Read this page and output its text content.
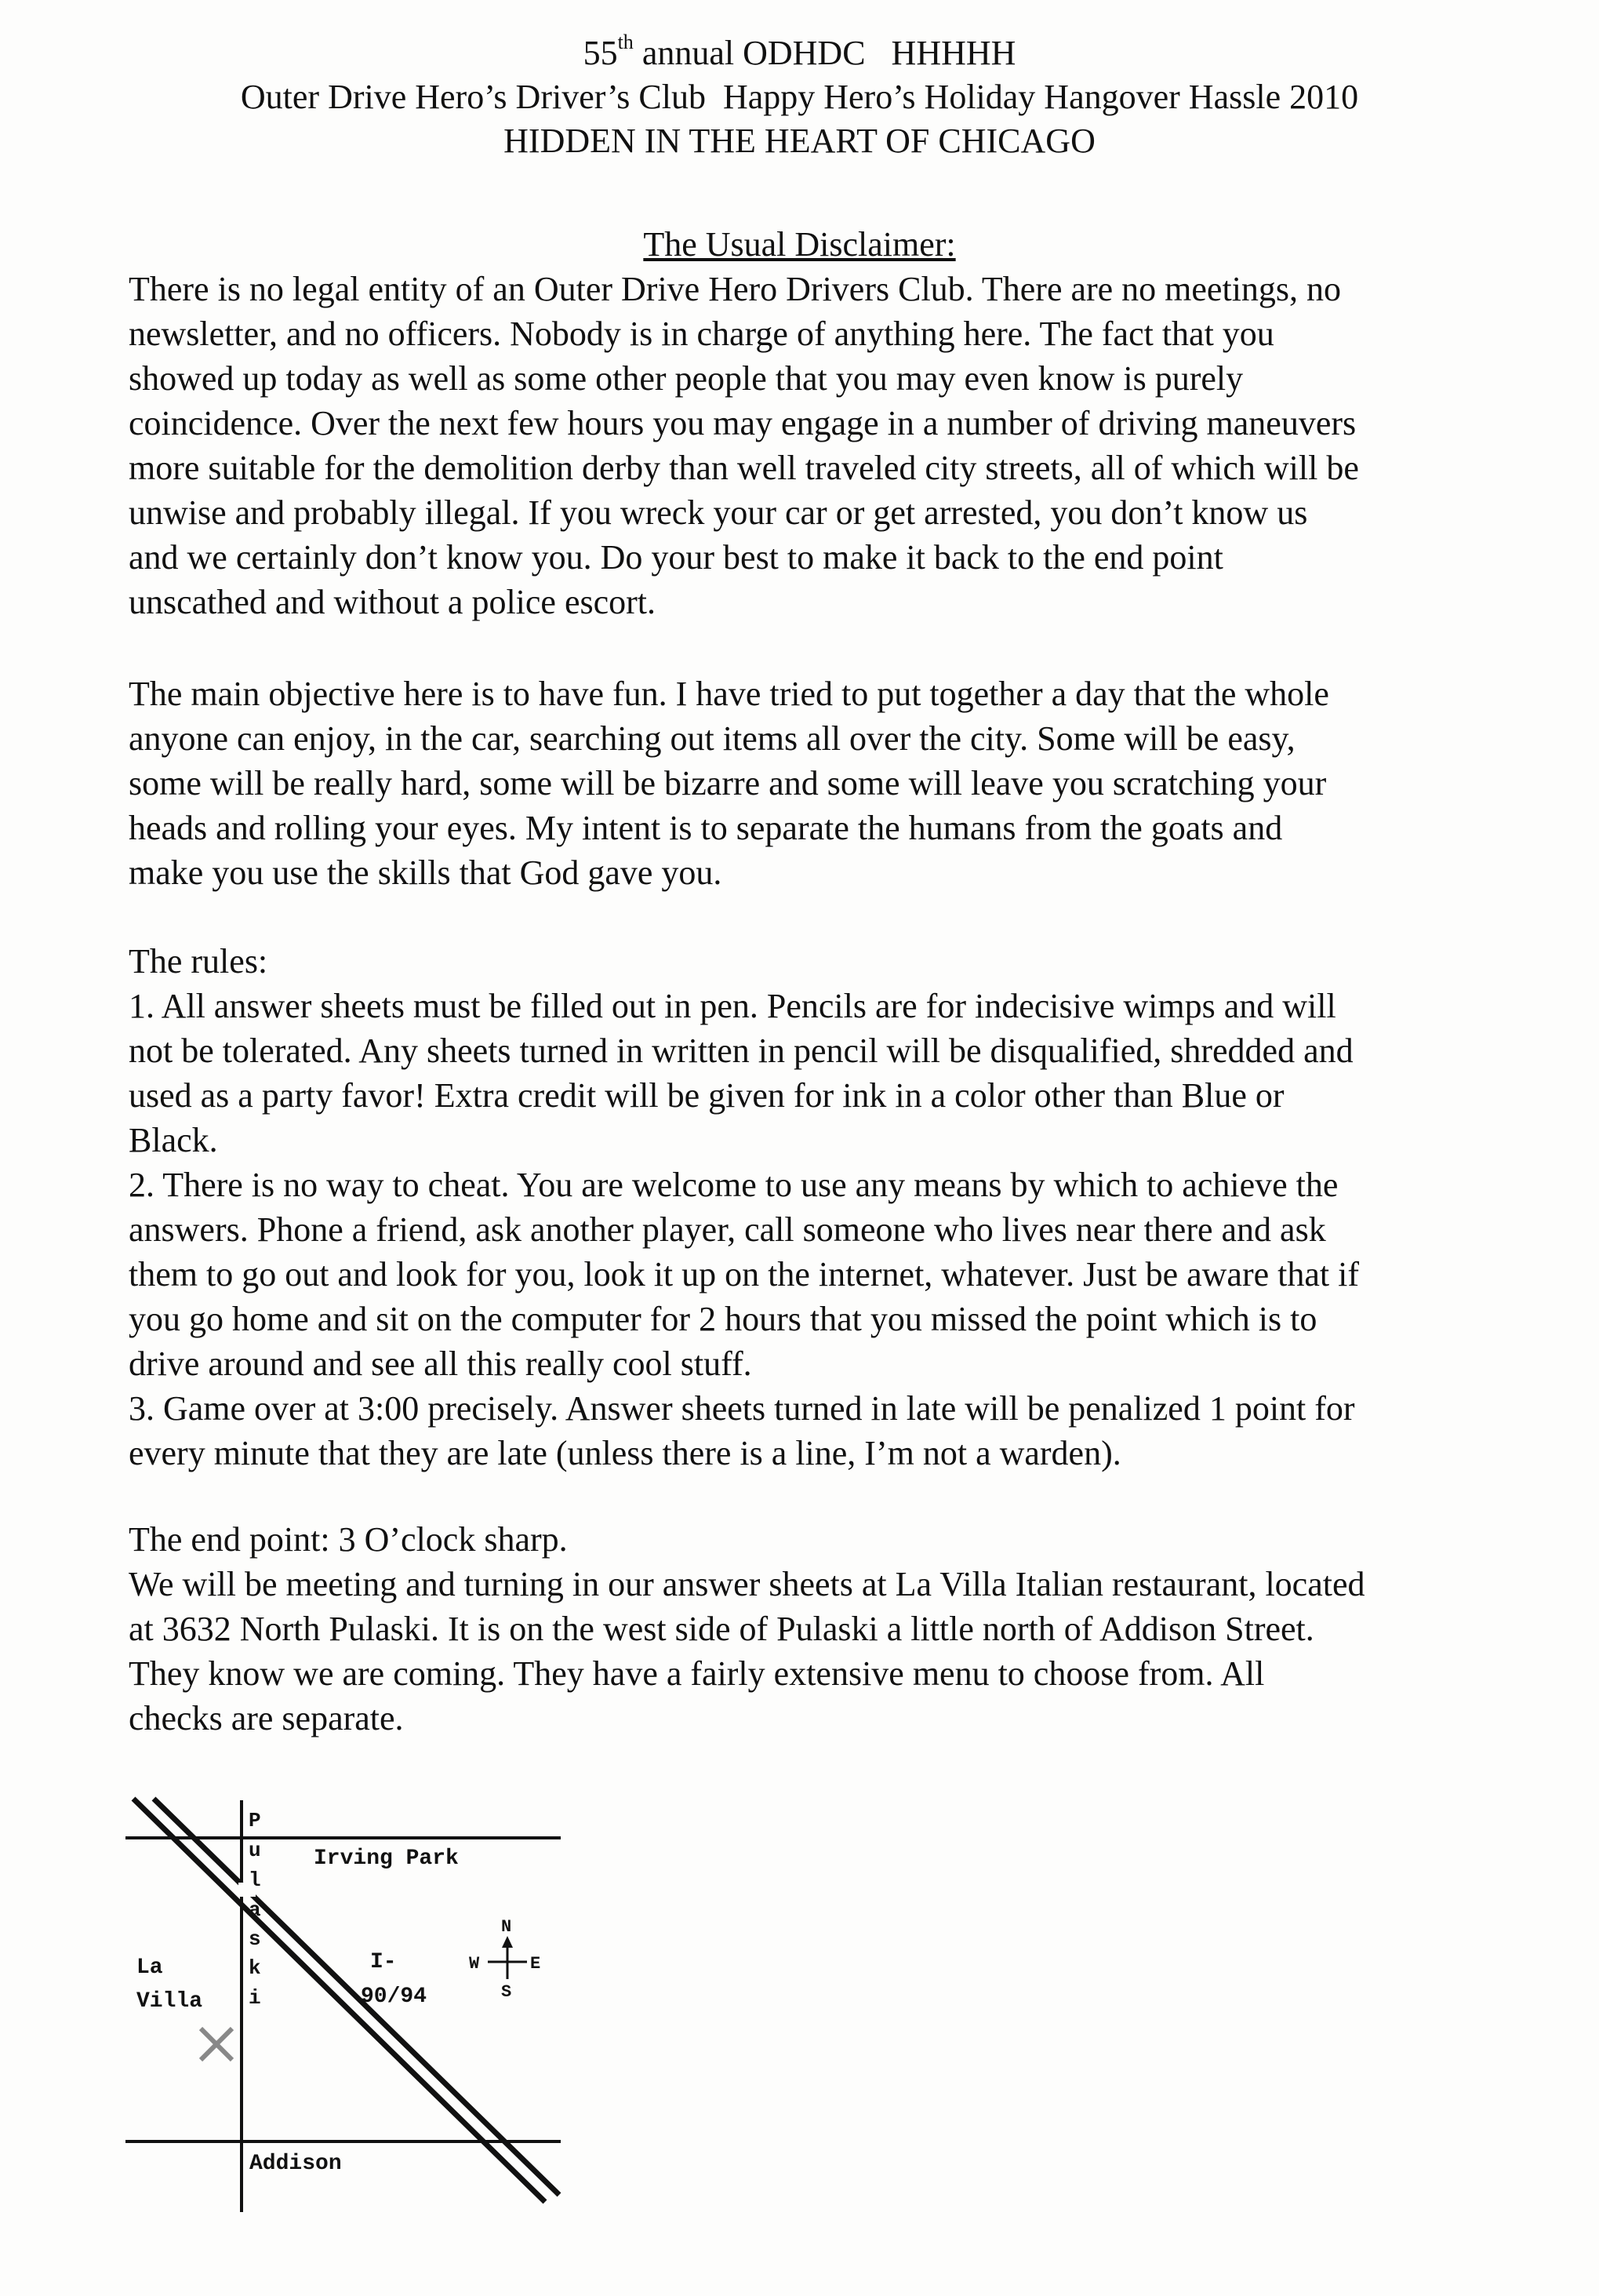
55th annual ODHDC   HHHHH
Outer Drive Hero’s Driver’s Club  Happy Hero’s Holiday Hangover Hassle 2010
HIDDEN IN THE HEART OF CHICAGO
The Usual Disclaimer:
There is no legal entity of an Outer Drive Hero Drivers Club. There are no meetings, no
newsletter, and no officers. Nobody is in charge of anything here. The fact that you
showed up today as well as some other people that you may even know is purely
coincidence. Over the next few hours you may engage in a number of driving maneuvers
more suitable for the demolition derby than well traveled city streets, all of which will be
unwise and probably illegal. If you wreck your car or get arrested, you don’t know us
and we certainly don’t know you. Do your best to make it back to the end point
unscathed and without a police escort.
The main objective here is to have fun. I have tried to put together a day that the whole
anyone can enjoy, in the car, searching out items all over the city. Some will be easy,
some will be really hard, some will be bizarre and some will leave you scratching your
heads and rolling your eyes. My intent is to separate the humans from the goats and
make you use the skills that God gave you.
The rules:
1. All answer sheets must be filled out in pen. Pencils are for indecisive wimps and will
not be tolerated. Any sheets turned in written in pencil will be disqualified, shredded and
used as a party favor! Extra credit will be given for ink in a color other than Blue or
Black.
2. There is no way to cheat. You are welcome to use any means by which to achieve the
answers. Phone a friend, ask another player, call someone who lives near there and ask
them to go out and look for you, look it up on the internet, whatever. Just be aware that if
you go home and sit on the computer for 2 hours that you missed the point which is to
drive around and see all this really cool stuff.
3. Game over at 3:00 precisely. Answer sheets turned in late will be penalized 1 point for
every minute that they are late (unless there is a line, I’m not a warden).
The end point: 3 O’clock sharp.
We will be meeting and turning in our answer sheets at La Villa Italian restaurant, located
at 3632 North Pulaski. It is on the west side of Pulaski a little north of Addison Street.
They know we are coming. They have a fairly extensive menu to choose from. All
checks are separate.
P
u
l
a
s
k
i
Irving Park
Addison
La
Villa
I-
90/94
N
W	E
S
